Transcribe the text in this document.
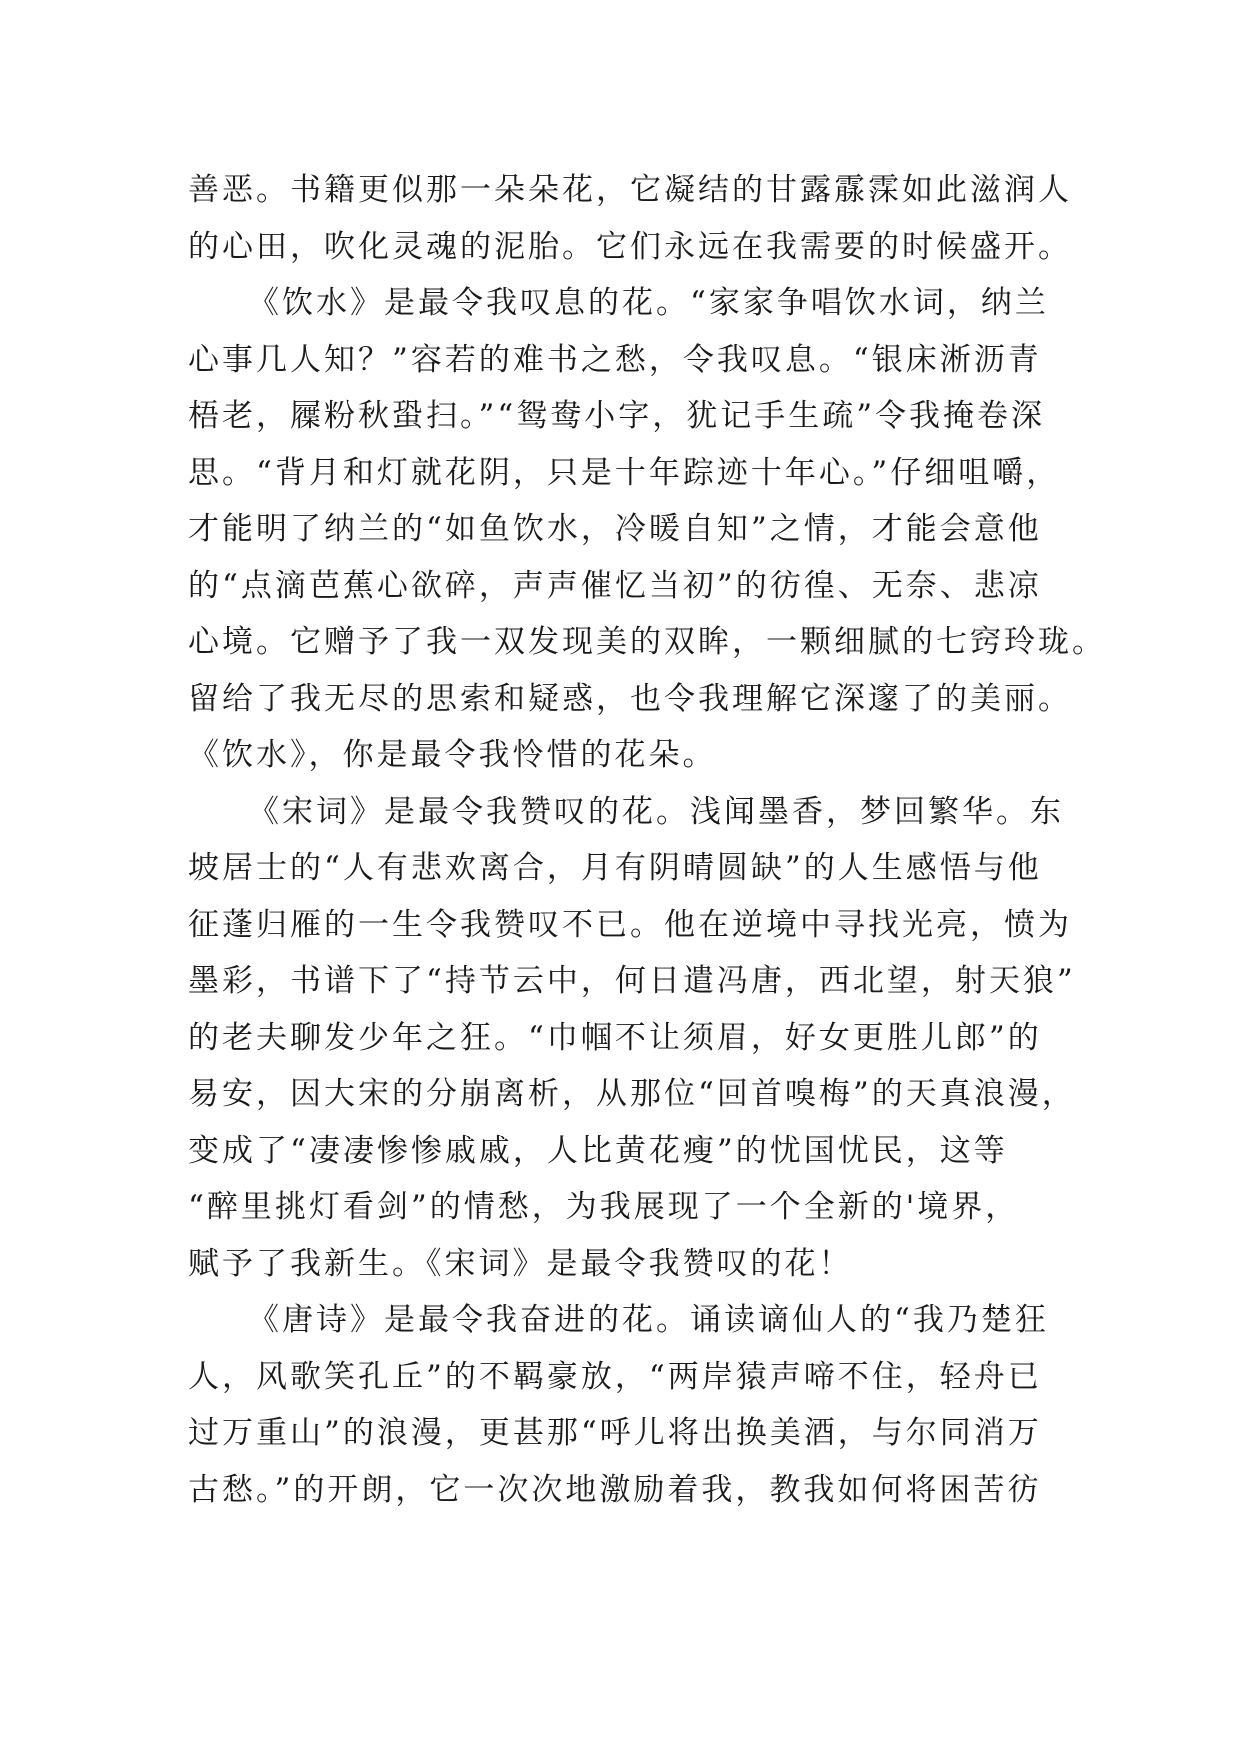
善恶。书籍更似那一朵朵花，它凝结的甘露霡霂如此滋润人
的心田，吹化灵魂的泥胎。它们永远在我需要的时候盛开。
《饮水》是最令我叹息的花。“家家争唱饮水词，纳兰
心事几人知？”容若的难书之愁，令我叹息。“银床淅沥青
梧老，屧粉秋蛩扫。”“鸳鸯小字，犹记手生疏”令我掩卷深
思。“背月和灯就花阴，只是十年踪迹十年心。”仔细咀嚼，
才能明了纳兰的“如鱼饮水，冷暖自知”之情，才能会意他
的“点滴芭蕉心欲碎，声声催忆当初”的彷徨、无奈、悲凉
心境。它赠予了我一双发现美的双眸，一颗细腻的七窍玲珑。
留给了我无尽的思索和疑惑，也令我理解它深邃了的美丽。
《饮水》，你是最令我怜惜的花朵。
《宋词》是最令我赞叹的花。浅闻墨香，梦回繁华。东
坡居士的“人有悲欢离合，月有阴晴圆缺”的人生感悟与他
征蓬归雁的一生令我赞叹不已。他在逆境中寻找光亮，愤为
墨彩，书谱下了“持节云中，何日遣冯唐，西北望，射天狼”
的老夫聊发少年之狂。“巾帼不让须眉，好女更胜儿郎”的
易安，因大宋的分崩离析，从那位“回首嗅梅”的天真浪漫，
变成了“凄凄惨惨戚戚，人比黄花瘦”的忧国忧民，这等
“醉里挑灯看剑”的情愁，为我展现了一个全新的'境界，
赋予了我新生。《宋词》是最令我赞叹的花！
《唐诗》是最令我奋进的花。诵读谪仙人的“我乃楚狂
人，风歌笑孔丘”的不羁豪放，“两岸猿声啼不住，轻舟已
过万重山”的浪漫，更甚那“呼儿将出换美酒，与尔同消万
古愁。”的开朗，它一次次地激励着我，教我如何将困苦彷
